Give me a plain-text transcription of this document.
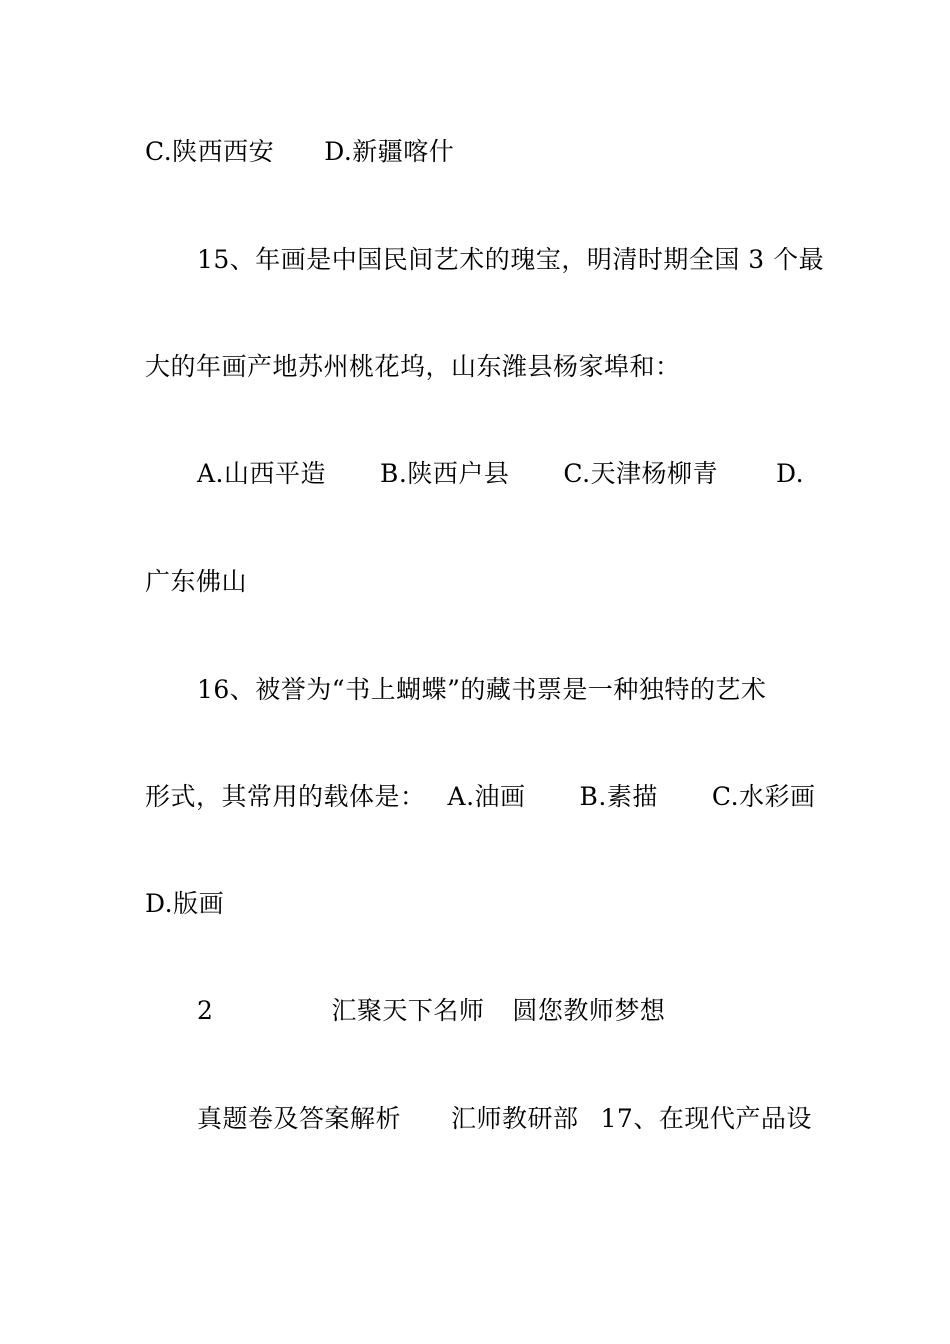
C.陕西西安 D.新疆喀什
15、年画是中国民间艺术的瑰宝，明清时期全国 3 个最
大的年画产地苏州桃花坞，山东潍县杨家埠和：
A.山西平造 B.陕西户县 C.天津杨柳青 D.
广东佛山
16、被誉为“书上蝴蝶”的藏书票是一种独特的艺术
形式，其常用的载体是： A.油画 B.素描 C.水彩画
D.版画
2	汇聚天下名师 圆您教师梦想
真题卷及答案解析 汇师教研部 17、在现代产品设
